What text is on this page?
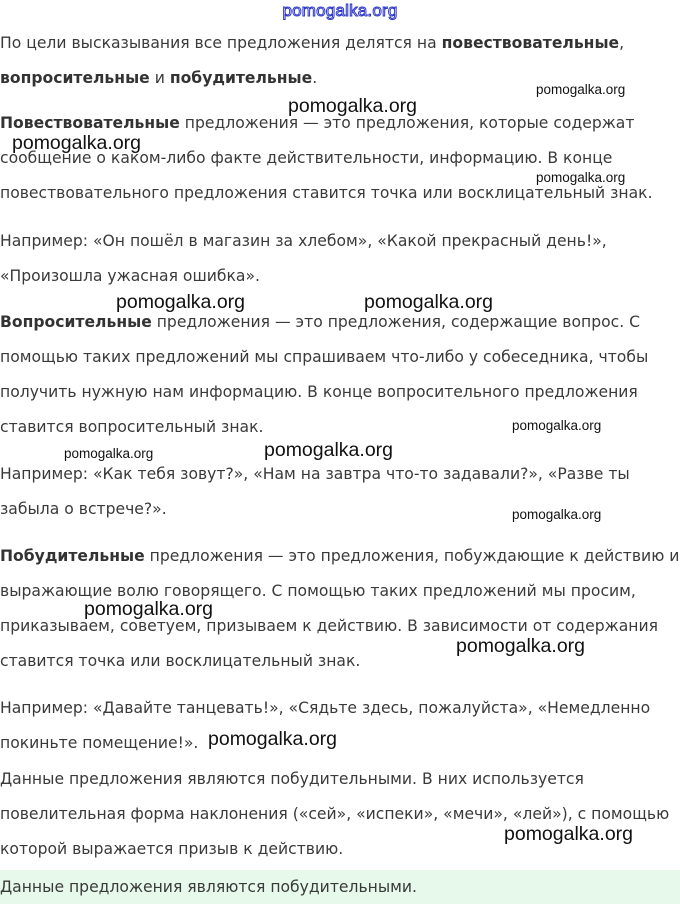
pomogalka.org

По цели высказывания все предложения делятся на повествовательные, вопросительные и побудительные.

Повествовательные предложения — это предложения, которые содержат сообщение о каком-либо факте действительности, информацию. В конце повествовательного предложения ставится точка или восклицательный знак.

Например: «Он пошёл в магазин за хлебом», «Какой прекрасный день!», «Произошла ужасная ошибка».

Вопросительные предложения — это предложения, содержащие вопрос. С помощью таких предложений мы спрашиваем что-либо у собеседника, чтобы получить нужную нам информацию. В конце вопросительного предложения ставится вопросительный знак.

Например: «Как тебя зовут?», «Нам на завтра что-то задавали?», «Разве ты забыла о встрече?».

Побудительные предложения — это предложения, побуждающие к действию и выражающие волю говорящего. С помощью таких предложений мы просим, приказываем, советуем, призываем к действию. В зависимости от содержания ставится точка или восклицательный знак.

Например: «Давайте танцевать!», «Сядьте здесь, пожалуйста», «Немедленно покиньте помещение!».

Данные предложения являются побудительными. В них используется повелительная форма наклонения («сей», «испеки», «мечи», «лей»), с помощью которой выражается призыв к действию.

Данные предложения являются побудительными.
pomogalka.org
pomogalka.org
pomogalka.org
pomogalka.org
pomogalka.org	pomogalka.org
pomogalka.org
pomogalka.org
pomogalka.org
pomogalka.org
pomogalka.org
pomogalka.org
pomogalka.org
pomogalka.org
